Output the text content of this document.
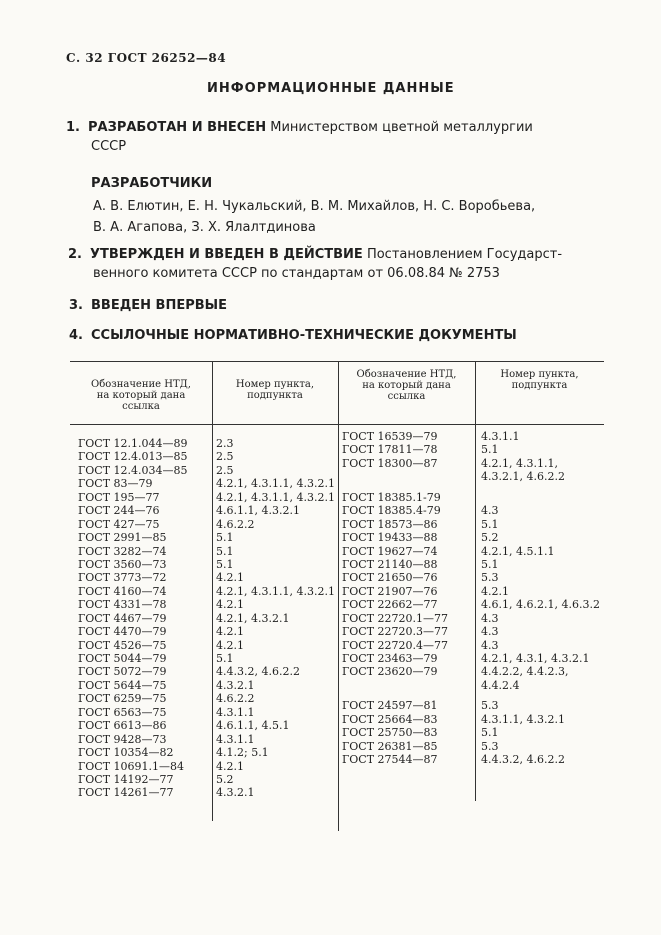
С. 32 ГОСТ 26252—84
ИНФОРМАЦИОННЫЕ ДАННЫЕ
1. РАЗРАБОТАН И ВНЕСЕН Министерством цветной металлургии
СССР
РАЗРАБОТЧИКИ
А. В. Елютин, Е. Н. Чукальский, В. М. Михайлов, Н. С. Воробьева,
В. А. Агапова, З. Х. Ялалтдинова
2. УТВЕРЖДЕН И ВВЕДЕН В ДЕЙСТВИЕ Постановлением Государст-
венного комитета СССР по стандартам от 06.08.84 № 2753
3. ВВЕДЕН ВПЕРВЫЕ
4. ССЫЛОЧНЫЕ НОРМАТИВНО-ТЕХНИЧЕСКИЕ ДОКУМЕНТЫ
Обозначение НТД,
на который дана
ссылка
Номер пункта,
подпункта
Обозначение НТД,
на который дана
ссылка
Номер пункта,
подпункта
ГОСТ 12.1.044—89
ГОСТ 12.4.013—85
ГОСТ 12.4.034—85
ГОСТ 83—79
ГОСТ 195—77
ГОСТ 244—76
ГОСТ 427—75
ГОСТ 2991—85
ГОСТ 3282—74
ГОСТ 3560—73
ГОСТ 3773—72
ГОСТ 4160—74
ГОСТ 4331—78
ГОСТ 4467—79
ГОСТ 4470—79
ГОСТ 4526—75
ГОСТ 5044—79
ГОСТ 5072—79
ГОСТ 5644—75
ГОСТ 6259—75
ГОСТ 6563—75
ГОСТ 6613—86
ГОСТ 9428—73
ГОСТ 10354—82
ГОСТ 10691.1—84
ГОСТ 14192—77
ГОСТ 14261—77
2.3
2.5
2.5
4.2.1, 4.3.1.1, 4.3.2.1
4.2.1, 4.3.1.1, 4.3.2.1
4.6.1.1, 4.3.2.1
4.6.2.2
5.1
5.1
5.1
4.2.1
4.2.1, 4.3.1.1, 4.3.2.1
4.2.1
4.2.1, 4.3.2.1
4.2.1
4.2.1
5.1
4.4.3.2, 4.6.2.2
4.3.2.1
4.6.2.2
4.3.1.1
4.6.1.1, 4.5.1
4.3.1.1
4.1.2; 5.1
4.2.1
5.2
4.3.2.1
ГОСТ 16539—79
ГОСТ 17811—78
ГОСТ 18300—87
ГОСТ 18385.1-79
ГОСТ 18385.4-79
ГОСТ 18573—86
ГОСТ 19433—88
ГОСТ 19627—74
ГОСТ 21140—88
ГОСТ 21650—76
ГОСТ 21907—76
ГОСТ 22662—77
ГОСТ 22720.1—77
ГОСТ 22720.3—77
ГОСТ 22720.4—77
ГОСТ 23463—79
ГОСТ 23620—79
ГОСТ 24597—81
ГОСТ 25664—83
ГОСТ 25750—83
ГОСТ 26381—85
ГОСТ 27544—87
4.3.1.1
5.1
4.2.1, 4.3.1.1,
4.3.2.1, 4.6.2.2
4.3
5.1
5.2
4.2.1, 4.5.1.1
5.1
5.3
4.2.1
4.6.1, 4.6.2.1, 4.6.3.2
4.3
4.3
4.3
4.2.1, 4.3.1, 4.3.2.1
4.4.2.2, 4.4.2.3,
4.4.2.4
5.3
4.3.1.1, 4.3.2.1
5.1
5.3
4.4.3.2, 4.6.2.2
